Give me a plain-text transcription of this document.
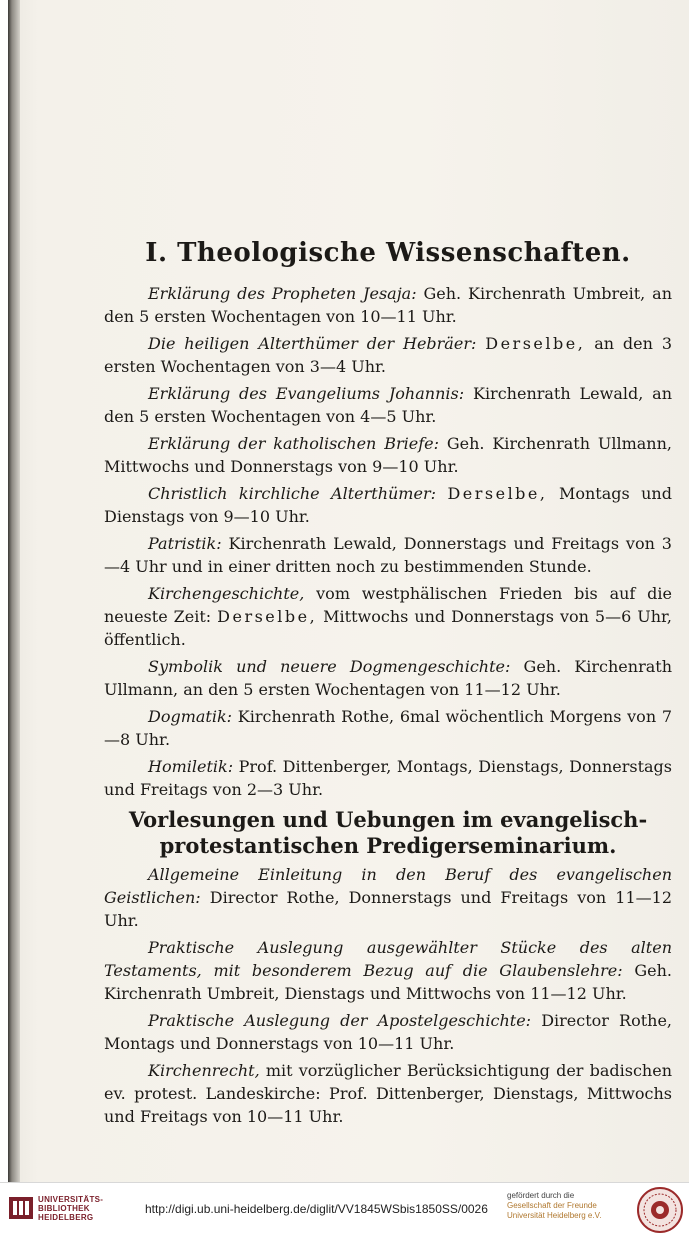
I. Theologische Wissenschaften.

Erklärung des Propheten Jesaja: Geh. Kirchenrath Umbreit, an den 5 ersten Wochentagen von 10—11 Uhr.

Die heiligen Alterthümer der Hebräer: Derselbe, an den 3 ersten Wochentagen von 3—4 Uhr.

Erklärung des Evangeliums Johannis: Kirchenrath Lewald, an den 5 ersten Wochentagen von 4—5 Uhr.

Erklärung der katholischen Briefe: Geh. Kirchenrath Ullmann, Mittwochs und Donnerstags von 9—10 Uhr.

Christlich kirchliche Alterthümer: Derselbe, Montags und Dienstags von 9—10 Uhr.

Patristik: Kirchenrath Lewald, Donnerstags und Freitags von 3—4 Uhr und in einer dritten noch zu bestimmenden Stunde.

Kirchengeschichte, vom westphälischen Frieden bis auf die neueste Zeit: Derselbe, Mittwochs und Donnerstags von 5—6 Uhr, öffentlich.

Symbolik und neuere Dogmengeschichte: Geh. Kirchenrath Ullmann, an den 5 ersten Wochentagen von 11—12 Uhr.

Dogmatik: Kirchenrath Rothe, 6mal wöchentlich Morgens von 7—8 Uhr.

Homiletik: Prof. Dittenberger, Montags, Dienstags, Donnerstags und Freitags von 2—3 Uhr.

Vorlesungen und Uebungen im evangelisch-protestantischen Predigerseminarium.

Allgemeine Einleitung in den Beruf des evangelischen Geistlichen: Director Rothe, Donnerstags und Freitags von 11—12 Uhr.

Praktische Auslegung ausgewählter Stücke des alten Testaments, mit besonderem Bezug auf die Glaubenslehre: Geh. Kirchenrath Umbreit, Dienstags und Mittwochs von 11—12 Uhr.

Praktische Auslegung der Apostelgeschichte: Director Rothe, Montags und Donnerstags von 10—11 Uhr.

Kirchenrecht, mit vorzüglicher Berücksichtigung der badischen ev. protest. Landeskirche: Prof. Dittenberger, Dienstags, Mittwochs und Freitags von 10—11 Uhr.

UNIVERSITÄTS-
BIBLIOTHEK
HEIDELBERG
http://digi.ub.uni-heidelberg.de/diglit/VV1845WSbis1850SS/0026
gefördert durch die
Gesellschaft der Freunde
Universität Heidelberg e.V.
